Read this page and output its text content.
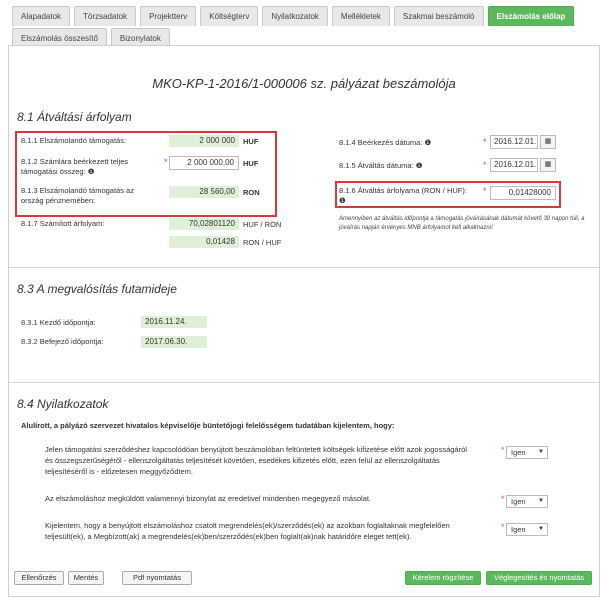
Alapadatok	Törzsadatok	Projektterv	Költségterv	Nyilatkozatok	Mellékletek	Szakmai beszámoló	Elszámolás előlap
Elszámolás összesítő	Bizonylatok
MKO-KP-1-2016/1-000006 sz. pályázat beszámolója
8.1 Átváltási árfolyam
8.1.1 Elszámolandó támogatás:	2 000 000	HUF
8.1.2 Számlára beérkezett teljes támogatási összeg: ❶
*	2 000 000,00	HUF
8.1.3 Elszámolandó támogatás az ország pénznemében:
28 560,00	RON
8.1.7 Számított árfolyam:	70,02801120	HUF / RON
0,01428	RON / HUF
8.1.4 Beérkezés dátuma: ❶	* 2016.12.01.	▦
8.1.5 Átváltás dátuma: ❶	* 2016.12.01.	▦
8.1.6 Átváltás árfolyama (RON / HUF):
❶
*	0,01428000
Amennyiben az átváltás időpontja a támogatás jóváírásának dátumát követő 30 napon túli, a jóváírás napján érvényes MNB árfolyamot kell alkalmazni!
8.3 A megvalósítás futamideje
8.3.1 Kezdő időpontja:	2016.11.24.
8.3.2 Befejező időpontja:	2017.06.30.
8.4 Nyilatkozatok
Alulírott, a pályázó szervezet hivatalos képviselője büntetőjogi felelősségem tudatában kijelentem, hogy:
Jelen támogatási szerződéshez kapcsolódóan benyújtott beszámolóban feltüntetett költségek kifizetése előtt azok jogosságáról és összegszerűségéről - ellenszolgáltatás teljesítését követően, esedékes kifizetés előtt, ezen felül az ellenszolgáltatás teljesítéséről is - előzetesen meggyőződtem.
* Igen ▼
Az elszámoláshoz megküldött valamennyi bizonylat az eredetivel mindenben megegyező másolat.	* Igen ▼
Kijelentem, hogy a benyújtott elszámoláshoz csatolt megrendelés(ek)/szerződés(ek) az azokban foglaltaknak megfelelően teljesült(ek), a Megbízott(ak) a megrendelés(ek)ben/szerződés(ek)ben foglalt(ak)nak határidőre eleget tett(ek).
* Igen ▼
Ellenőrzés	Mentés	Pdf nyomtatás	Kérelem rögzítése	Véglegesítés és nyomtatás
